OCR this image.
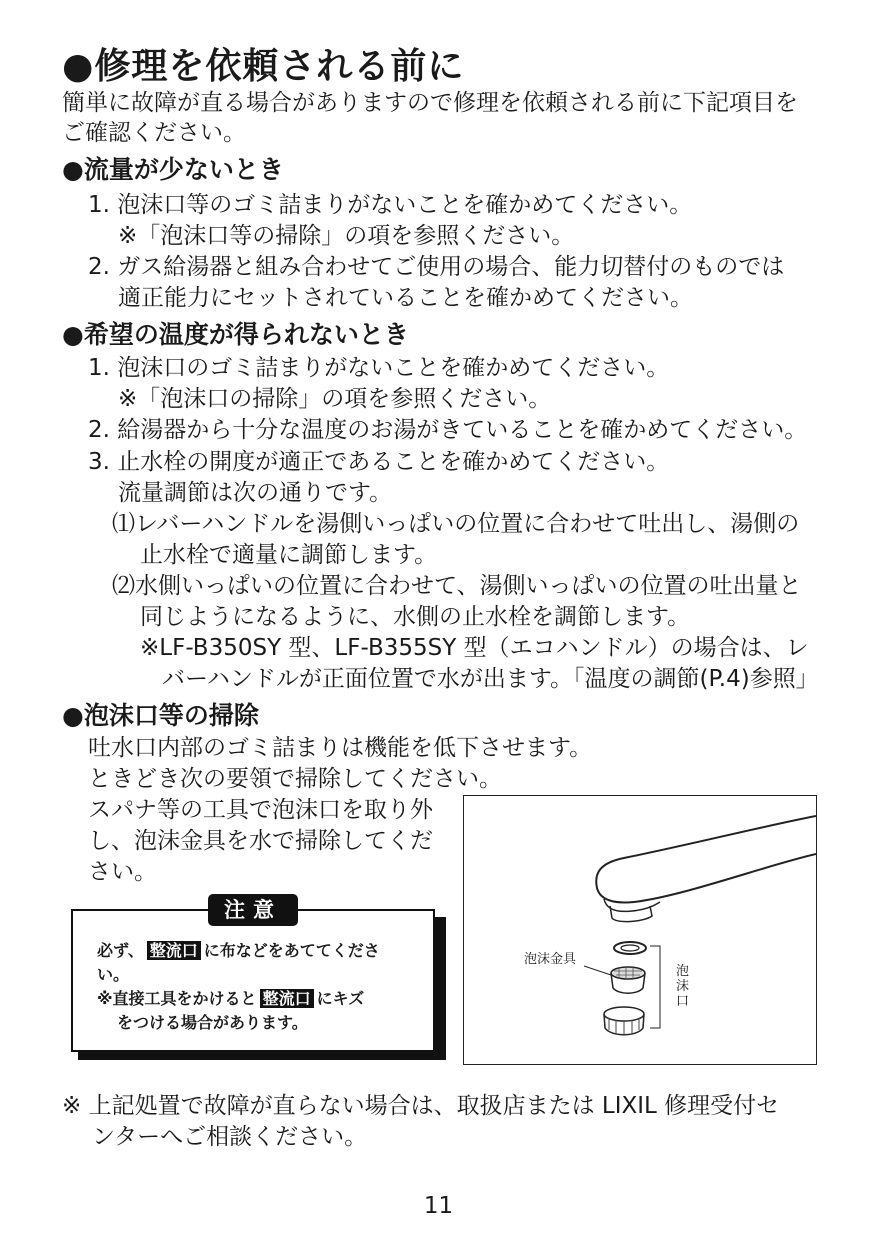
●修理を依頼される前に
簡単に故障が直る場合がありますので修理を依頼される前に下記項目を
ご確認ください。
●流量が少ないとき
1. 泡沫口等のゴミ詰まりがないことを確かめてください。
※「泡沫口等の掃除」の項を参照ください。
2. ガス給湯器と組み合わせてご使用の場合、能力切替付のものでは
適正能力にセットされていることを確かめてください。
●希望の温度が得られないとき
1. 泡沫口のゴミ詰まりがないことを確かめてください。
※「泡沫口の掃除」の項を参照ください。
2. 給湯器から十分な温度のお湯がきていることを確かめてください。
3. 止水栓の開度が適正であることを確かめてください。
流量調節は次の通りです。
⑴レバーハンドルを湯側いっぱいの位置に合わせて吐出し、湯側の
止水栓で適量に調節します。
⑵水側いっぱいの位置に合わせて、湯側いっぱいの位置の吐出量と
同じようになるように、水側の止水栓を調節します。
※LF-B350SY 型、LF-B355SY 型（エコハンドル）の場合は、レ
バーハンドルが正面位置で水が出ます。「温度の調節(P.4)参照」
●泡沫口等の掃除
吐水口内部のゴミ詰まりは機能を低下させます。
ときどき次の要領で掃除してください。
スパナ等の工具で泡沫口を取り外
し、泡沫金具を水で掃除してくだ
さい。
必ず、 整流口 に布などをあててくださ
い。
※直接工具をかけると 整流口 にキズ
をつける場合があります。
注意
泡沫金具
泡
沫
口
※ 上記処置で故障が直らない場合は、取扱店または LIXIL 修理受付セ
ンターへご相談ください。
11
